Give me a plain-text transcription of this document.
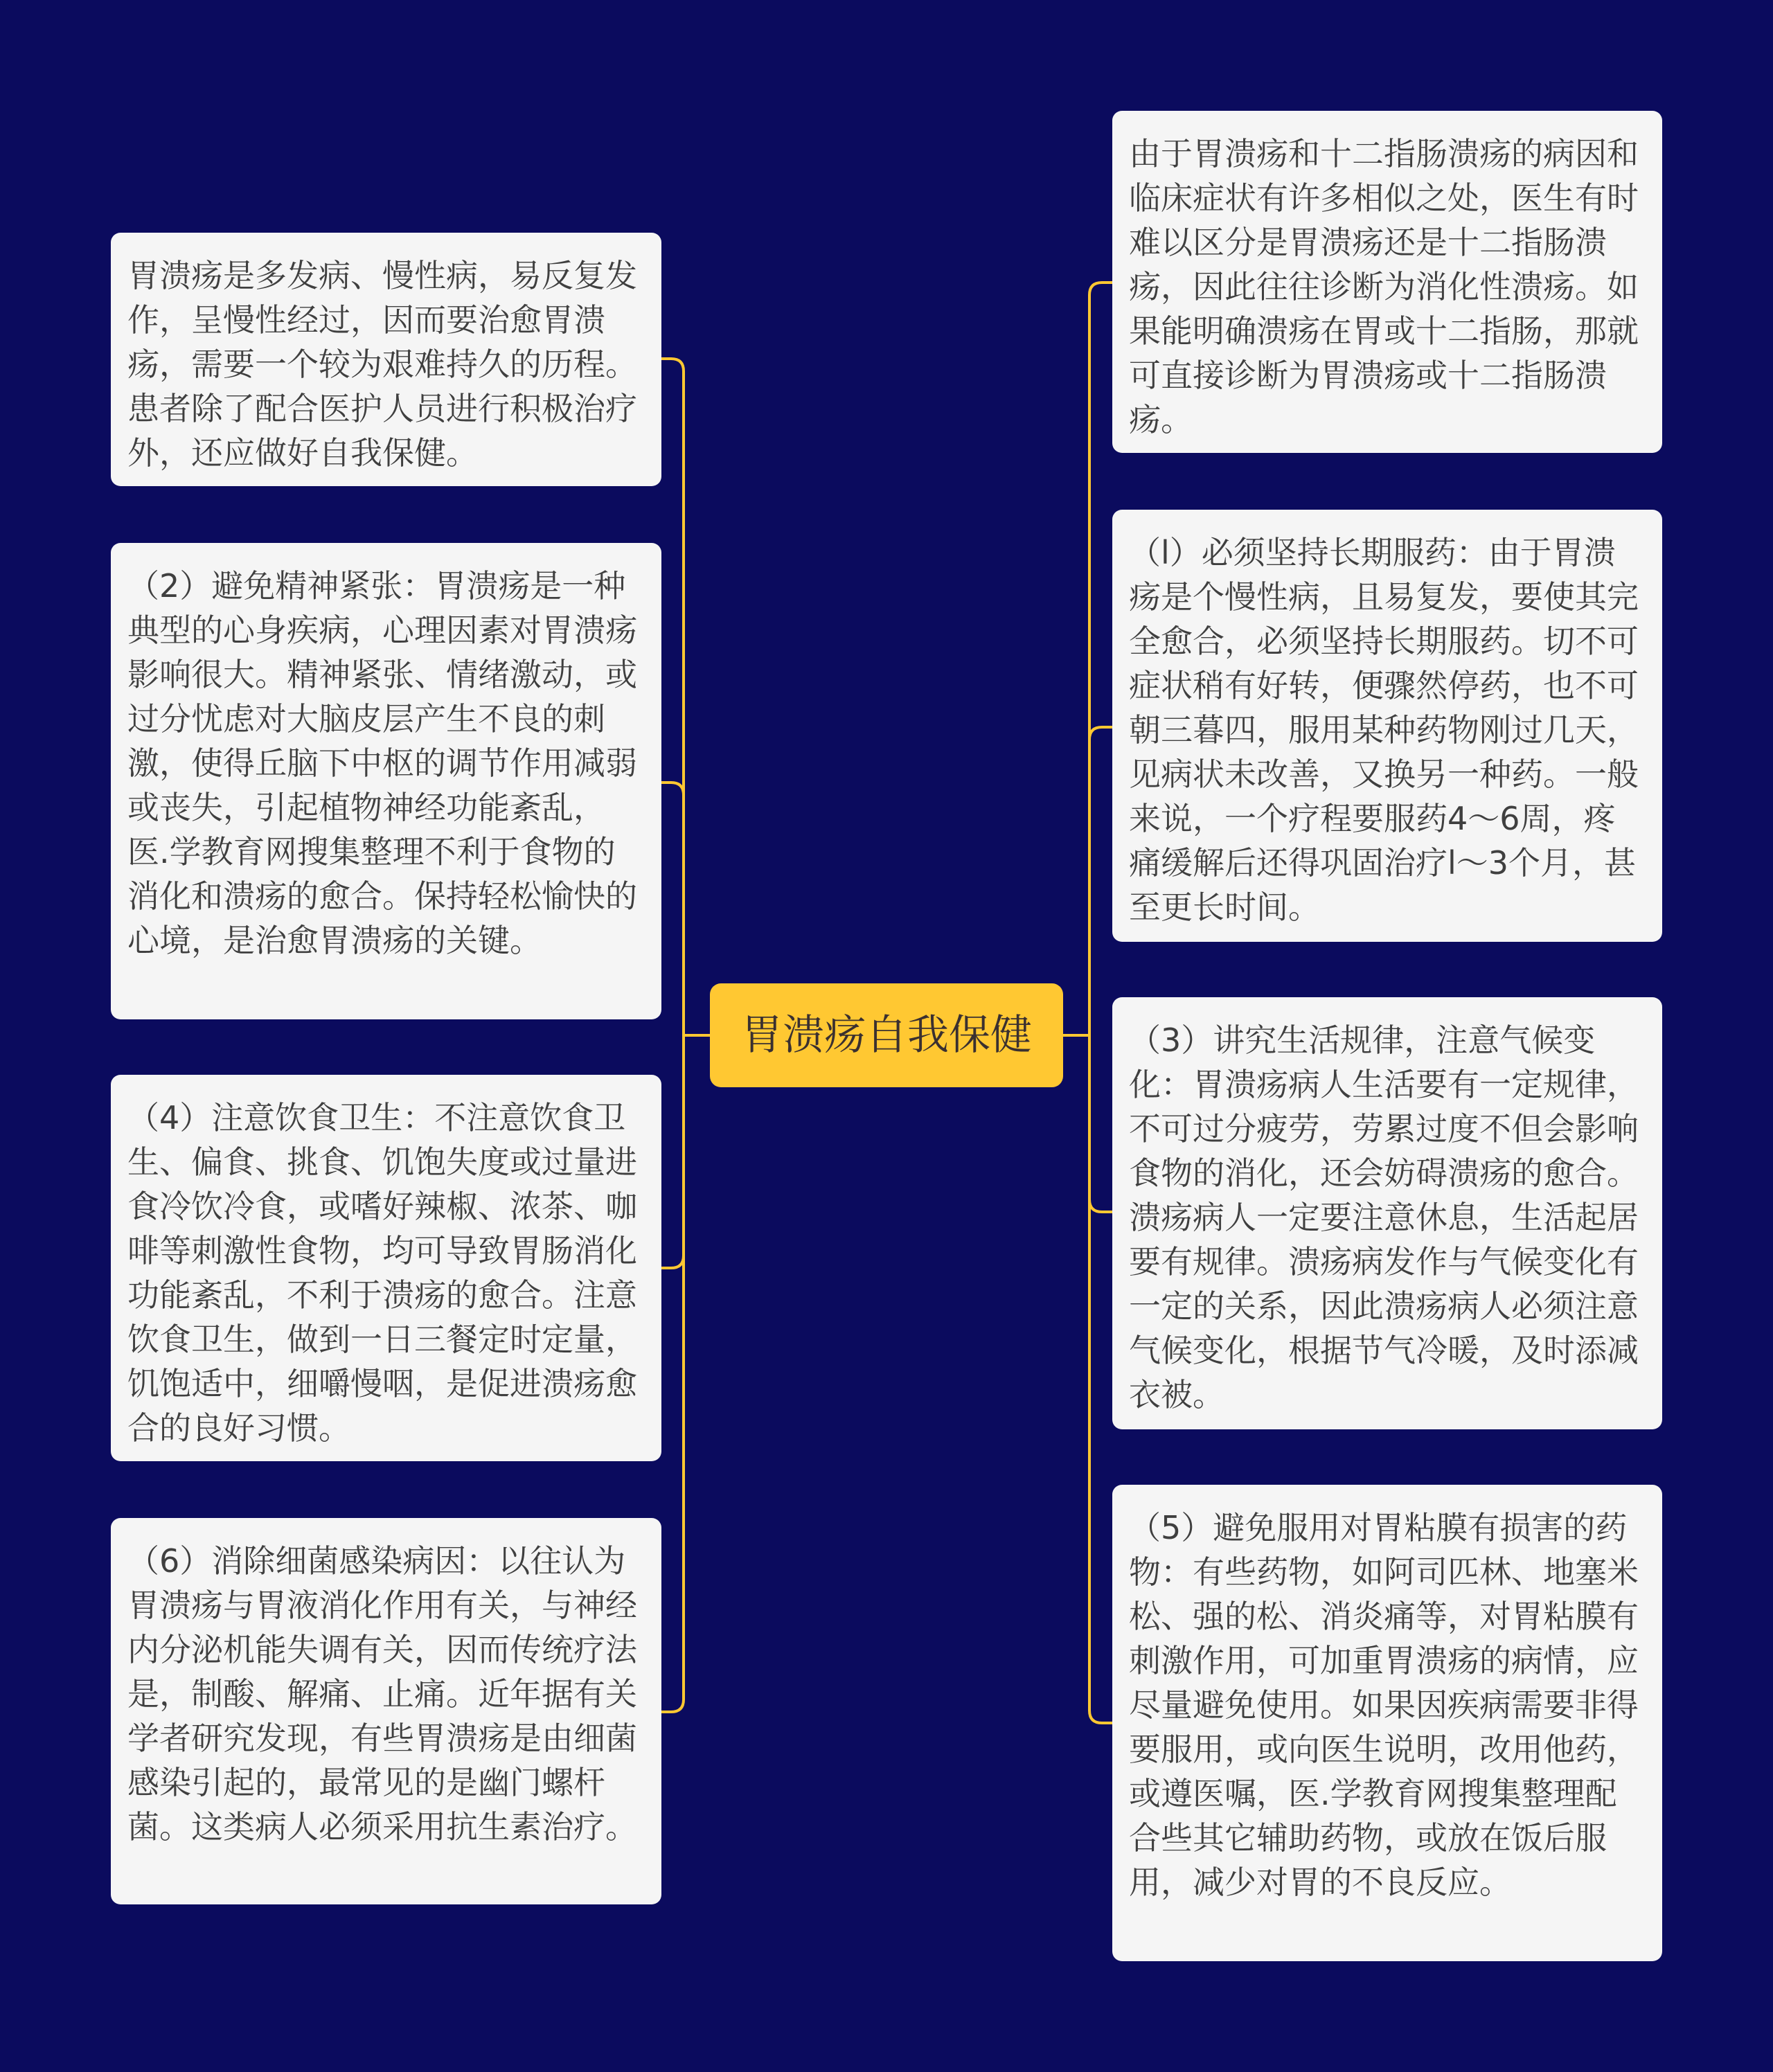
胃溃疡自我保健
胃溃疡是多发病、慢性病，易反复发作，呈慢性经过，因而要治愈胃溃疡，需要一个较为艰难持久的历程。患者除了配合医护人员进行积极治疗外，还应做好自我保健。
（2）避免精神紧张：胃溃疡是一种典型的心身疾病，心理因素对胃溃疡影响很大。精神紧张、情绪激动，或过分忧虑对大脑皮层产生不良的刺激，使得丘脑下中枢的调节作用减弱或丧失，引起植物神经功能紊乱，医.学教育网搜集整理不利于食物的消化和溃疡的愈合。保持轻松愉快的心境，是治愈胃溃疡的关键。
（4）注意饮食卫生：不注意饮食卫生、偏食、挑食、饥饱失度或过量进食冷饮冷食，或嗜好辣椒、浓茶、咖啡等刺激性食物，均可导致胃肠消化功能紊乱，不利于溃疡的愈合。注意饮食卫生，做到一日三餐定时定量，饥饱适中，细嚼慢咽，是促进溃疡愈合的良好习惯。
（6）消除细菌感染病因：以往认为胃溃疡与胃液消化作用有关，与神经内分泌机能失调有关，因而传统疗法是，制酸、解痛、止痛。近年据有关学者研究发现，有些胃溃疡是由细菌感染引起的，最常见的是幽门螺杆菌。这类病人必须采用抗生素治疗。
由于胃溃疡和十二指肠溃疡的病因和临床症状有许多相似之处，医生有时难以区分是胃溃疡还是十二指肠溃疡，因此往往诊断为消化性溃疡。如果能明确溃疡在胃或十二指肠，那就可直接诊断为胃溃疡或十二指肠溃疡。
（l）必须坚持长期服药：由于胃溃疡是个慢性病，且易复发，要使其完全愈合，必须坚持长期服药。切不可症状稍有好转，便骤然停药，也不可朝三暮四，服用某种药物刚过几天，见病状未改善，又换另一种药。一般来说，一个疗程要服药4～6周，疼痛缓解后还得巩固治疗l～3个月，甚至更长时间。
（3）讲究生活规律，注意气候变化：胃溃疡病人生活要有一定规律，不可过分疲劳，劳累过度不但会影响食物的消化，还会妨碍溃疡的愈合。溃疡病人一定要注意休息，生活起居要有规律。溃疡病发作与气候变化有一定的关系，因此溃疡病人必须注意气候变化，根据节气冷暖，及时添减衣被。
（5）避免服用对胃粘膜有损害的药物：有些药物，如阿司匹林、地塞米松、强的松、消炎痛等，对胃粘膜有刺激作用，可加重胃溃疡的病情，应尽量避免使用。如果因疾病需要非得要服用，或向医生说明，改用他药，或遵医嘱，医.学教育网搜集整理配合些其它辅助药物，或放在饭后服用，减少对胃的不良反应。
